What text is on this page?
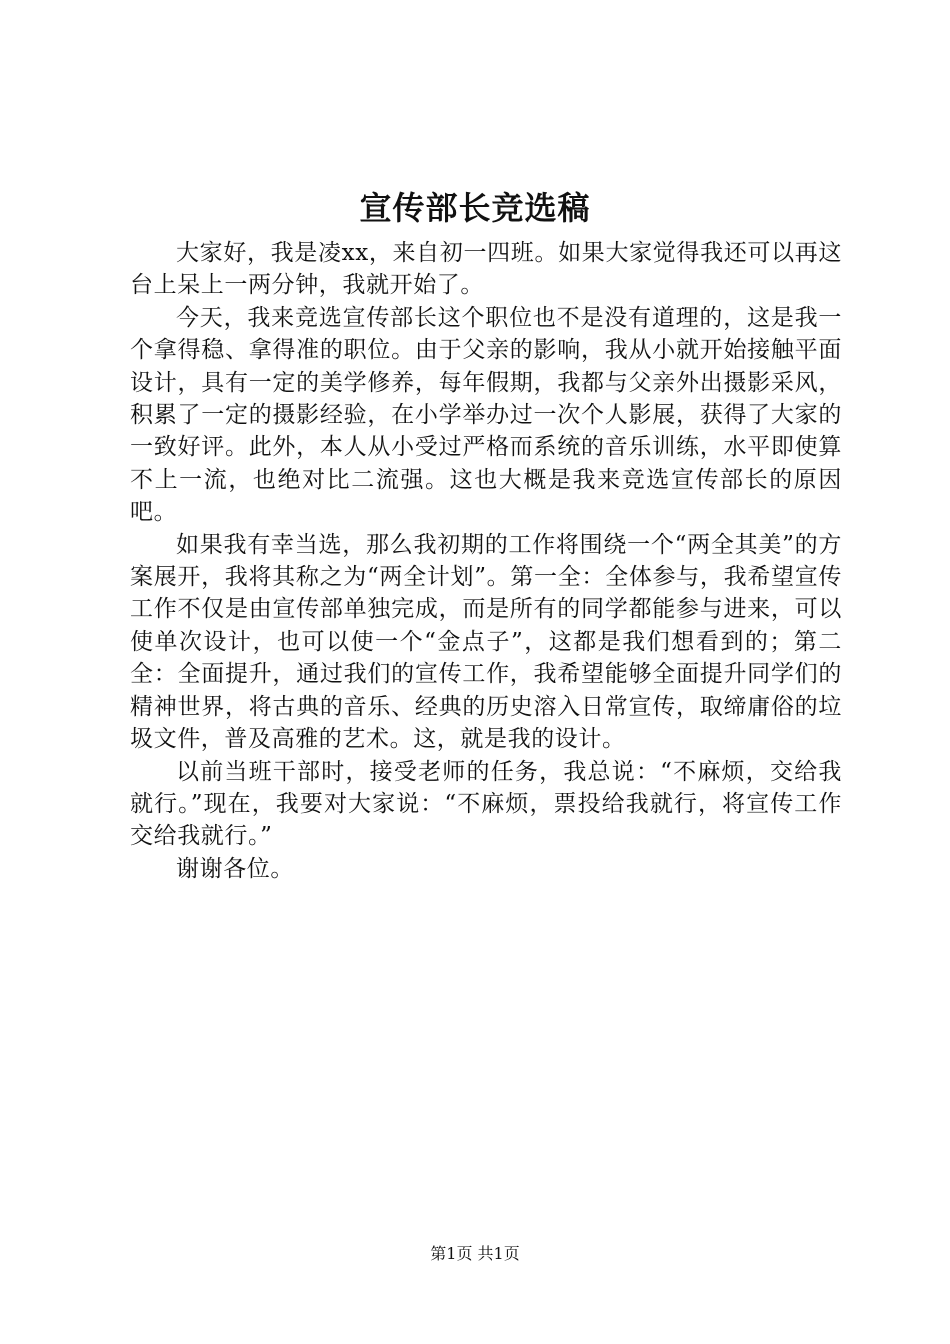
宣传部长竞选稿

大家好，我是凌xx，来自初一四班。如果大家觉得我还可以再这台上呆上一两分钟，我就开始了。

今天，我来竞选宣传部长这个职位也不是没有道理的，这是我一个拿得稳、拿得准的职位。由于父亲的影响，我从小就开始接触平面设计，具有一定的美学修养，每年假期，我都与父亲外出摄影采风，积累了一定的摄影经验，在小学举办过一次个人影展，获得了大家的一致好评。此外，本人从小受过严格而系统的音乐训练，水平即使算不上一流，也绝对比二流强。这也大概是我来竞选宣传部长的原因吧。

如果我有幸当选，那么我初期的工作将围绕一个“两全其美”的方案展开，我将其称之为“两全计划”。第一全：全体参与，我希望宣传工作不仅是由宣传部单独完成，而是所有的同学都能参与进来，可以使单次设计，也可以使一个“金点子”，这都是我们想看到的；第二全：全面提升，通过我们的宣传工作，我希望能够全面提升同学们的精神世界，将古典的音乐、经典的历史溶入日常宣传，取缔庸俗的垃圾文件，普及高雅的艺术。这，就是我的设计。

以前当班干部时，接受老师的任务，我总说：“不麻烦，交给我就行。”现在，我要对大家说：“不麻烦，票投给我就行，将宣传工作交给我就行。”

谢谢各位。

第1页 共1页
